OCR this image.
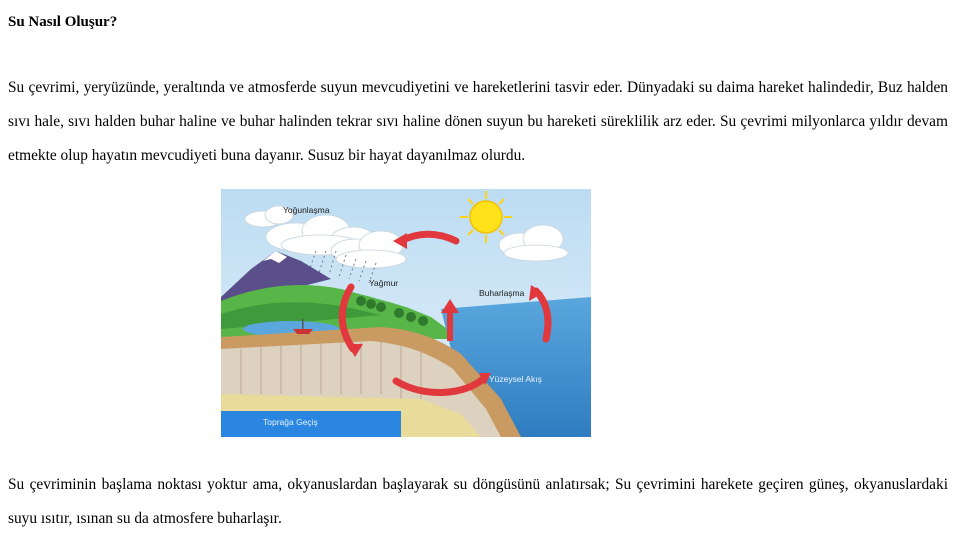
Su Nasıl Oluşur?

Su çevrimi, yeryüzünde, yeraltında ve atmosferde suyun mevcudiyetini ve hareketlerini tasvir eder. Dünyadaki su daima hareket halindedir, Buz halden sıvı hale, sıvı halden buhar haline ve buhar halinden tekrar sıvı haline dönen suyun bu hareketi süreklilik arz eder. Su çevrimi milyonlarca yıldır devam etmekte olup hayatın mevcudiyeti buna dayanır. Susuz bir hayat dayanılmaz olurdu.

Yoğunlaşma
Yağmur
Buharlaşma
Yüzeysel Akış
Toprağa Geçiş

Su çevriminin başlama noktası yoktur ama, okyanuslardan başlayarak su döngüsünü anlatırsak; Su çevrimini harekete geçiren güneş, okyanuslardaki suyu ısıtır, ısınan su da atmosfere buharlaşır.
